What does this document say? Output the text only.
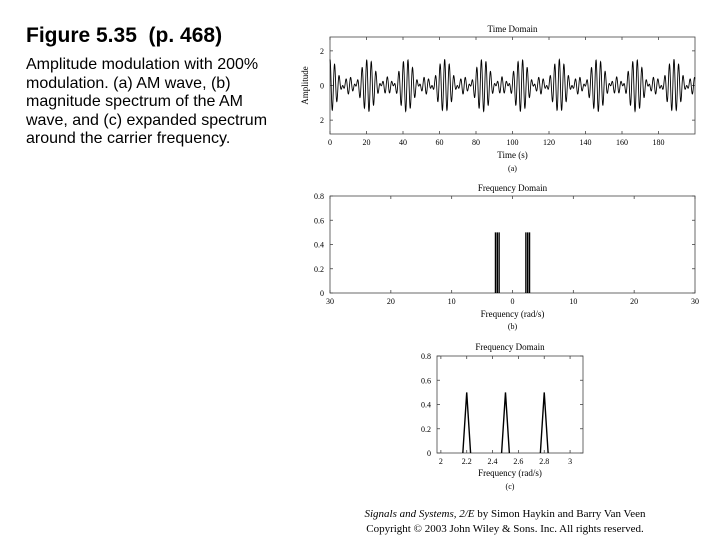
Figure 5.35  (p. 468)
Amplitude modulation with 200% modulation. (a) AM wave, (b) magnitude spectrum of the AM wave, and (c) expanded spectrum around the carrier frequency.
Time Domain
0	20	40	60	80	100	120	140	160	180
2
0
2
Time (s)
(a)
Amplitude
Frequency Domain
30	20	10	0	10	20	30
0
0.2
0.4
0.6
0.8
Frequency (rad/s)
(b)
Frequency Domain
2 2.2 2.4 2.6 2.8 3
0
0.2
0.4
0.6
0.8
Frequency (rad/s)
(c)
Signals and Systems, 2/E by Simon Haykin and Barry Van Veen
Copyright © 2003 John Wiley & Sons. Inc. All rights reserved.
